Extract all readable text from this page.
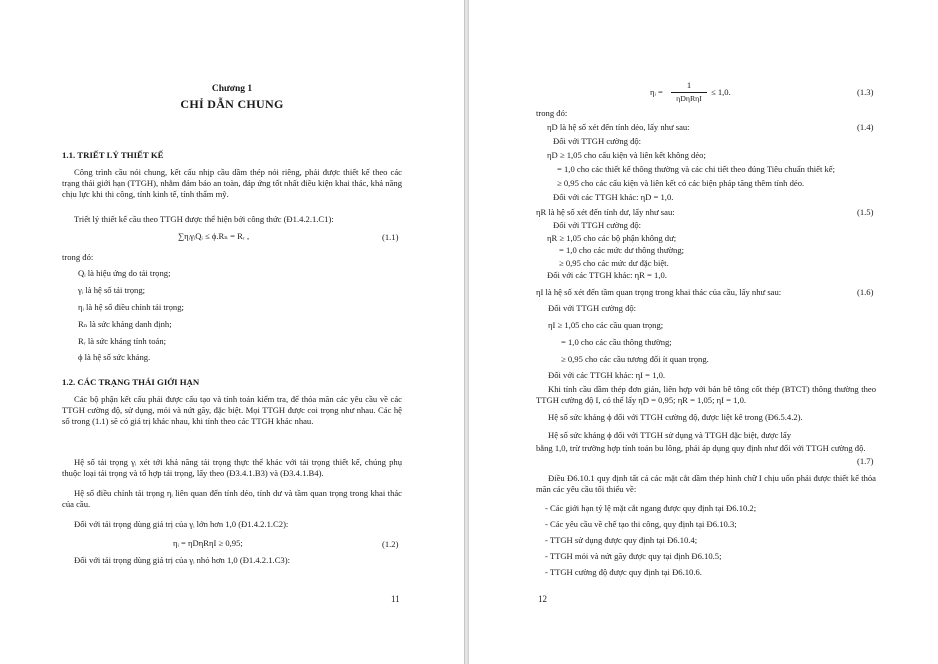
Chương 1
CHỈ DẪN CHUNG
1.1. TRIẾT LÝ THIẾT KẾ
Công trình cầu nói chung, kết cấu nhịp cầu dầm thép nói riêng, phải được thiết kế theo các trạng thái giới hạn (TTGH), nhằm đảm bảo an toàn, đáp ứng tốt nhất điều kiện khai thác, khả năng chịu lực khi thi công, tính kinh tế, tính thẩm mỹ.
Triết lý thiết kế cầu theo TTGH được thể hiện bởi công thức (Đ1.4.2.1.C1):
∑ηᵢγᵢQᵢ ≤ ϕ.Rₙ = Rᵣ ,	(1.1)
trong đó:
Qᵢ là hiệu ứng do tải trọng;
γᵢ là hệ số tải trọng;
ηᵢ là hệ số điều chỉnh tải trọng;
Rₙ là sức kháng danh định;
Rᵣ là sức kháng tính toán;
ϕ là hệ số sức kháng.
1.2. CÁC TRẠNG THÁI GIỚI HẠN
Các bộ phận kết cấu phải được cấu tạo và tính toán kiểm tra, để thỏa mãn các yêu cầu về các TTGH cường độ, sử dụng, mỏi và nứt gãy, đặc biệt. Mọi TTGH được coi trọng như nhau. Các hệ số trong (1.1) sẽ có giá trị khác nhau, khi tính theo các TTGH khác nhau.
Hệ số tải trọng γᵢ xét tới khả năng tải trọng thực thể khác với tải trọng thiết kế, chúng phụ thuộc loại tải trọng và tổ hợp tải trọng, lấy theo (Đ3.4.1.B3) và (Đ3.4.1.B4).
Hệ số điều chỉnh tải trọng ηᵢ liên quan đến tính dẻo, tính dư và tầm quan trọng trong khai thác của cầu.
Đối với tải trọng dùng giá trị của γᵢ lớn hơn 1,0 (Đ1.4.2.1.C2):
ηᵢ = ηDηRηI ≥ 0,95;	(1.2)
Đối với tải trọng dùng giá trị của γᵢ nhỏ hơn 1,0 (Đ1.4.2.1.C3):
11
ηᵢ =
1
ηDηRηI
≤ 1,0.	(1.3)
trong đó:
ηD là hệ số xét đến tính dẻo, lấy như sau:	(1.4)
Đối với TTGH cường độ:
ηD ≥ 1,05 cho cấu kiện và liên kết không dẻo;
= 1,0 cho các thiết kế thông thường và các chi tiết theo đúng Tiêu chuẩn thiết kế;
≥ 0,95 cho các cấu kiện và liên kết có các biện pháp tăng thêm tính dẻo.
Đối với các TTGH khác: ηD = 1,0.
ηR là hệ số xét đến tính dư, lấy như sau:	(1.5)
Đối với TTGH cường độ:
ηR ≥ 1,05 cho các bộ phận không dư;
= 1,0 cho các mức dư thông thường;
≥ 0,95 cho các mức dư đặc biệt.
Đối với các TTGH khác: ηR = 1,0.
ηI là hệ số xét đến tầm quan trọng trong khai thác của cầu, lấy như sau:	(1.6)
Đối với TTGH cường độ:
ηI ≥ 1,05 cho các cầu quan trọng;
= 1,0 cho các cầu thông thường;
≥ 0,95 cho các cầu tương đối ít quan trọng.
Đối với các TTGH khác: ηI = 1,0.
Khi tính cầu dầm thép đơn giản, liên hợp với bản bê tông cốt thép (BTCT) thông thường theo TTGH cường độ I, có thể lấy ηD = 0,95; ηR = 1,05; ηI = 1,0.
Hệ số sức kháng ϕ đối với TTGH cường độ, được liệt kê trong (Đ6.5.4.2).
Hệ số sức kháng ϕ đối với TTGH sử dụng và TTGH đặc biệt, được lấy
bằng 1,0, trừ trường hợp tính toán bu lông, phải áp dụng quy định như đối với TTGH cường độ.
(1.7)
Điều Đ6.10.1 quy định tất cả các mặt cắt dầm thép hình chữ I chịu uốn phải được thiết kế thỏa mãn các yêu cầu tối thiểu về:
- Các giới hạn tỷ lệ mặt cắt ngang được quy định tại Đ6.10.2;
- Các yêu cầu về chế tạo thi công, quy định tại Đ6.10.3;
- TTGH sử dụng được quy định tại Đ6.10.4;
- TTGH mỏi và nứt gãy được quy tại định Đ6.10.5;
- TTGH cường độ được quy định tại Đ6.10.6.
12
